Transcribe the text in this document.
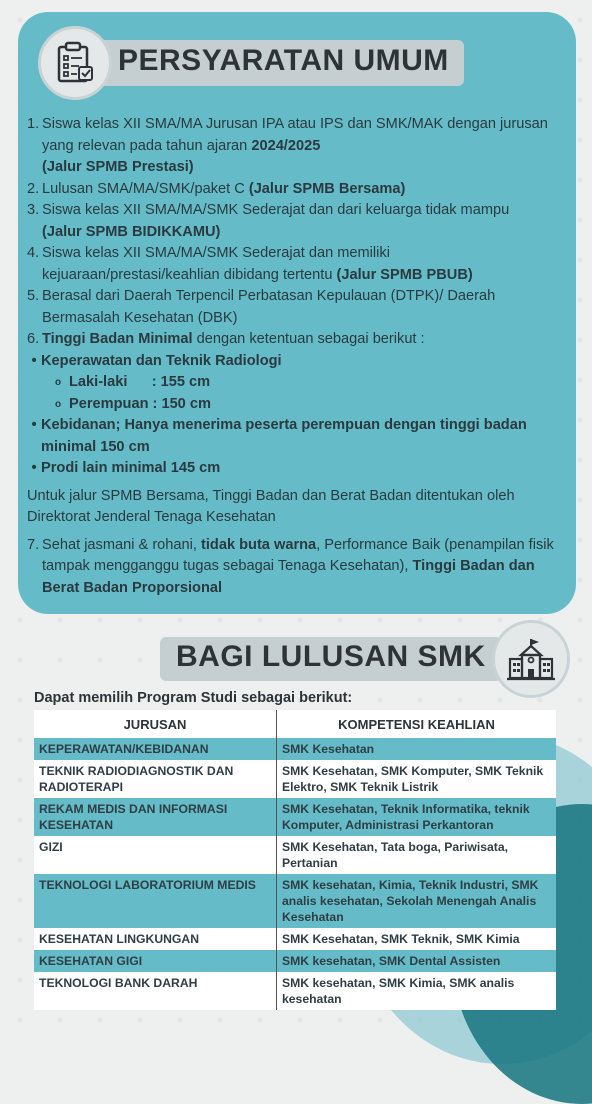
PERSYARATAN UMUM
1. Siswa kelas XII SMA/MA Jurusan IPA atau IPS dan SMK/MAK dengan jurusan yang relevan pada tahun ajaran 2024/2025
(Jalur SPMB Prestasi)
2. Lulusan SMA/MA/SMK/paket C (Jalur SPMB Bersama)
3. Siswa kelas XII SMA/MA/SMK Sederajat dan dari keluarga tidak mampu
(Jalur SPMB BIDIKKAMU)
4. Siswa kelas XII SMA/MA/SMK Sederajat dan memiliki kejuaraan/prestasi/keahlian dibidang tertentu (Jalur SPMB PBUB)
5. Berasal dari Daerah Terpencil Perbatasan Kepulauan (DTPK)/ Daerah Bermasalah Kesehatan (DBK)
6. Tinggi Badan Minimal dengan ketentuan sebagai berikut :
• Keperawatan dan Teknik Radiologi
o Laki-laki      : 155 cm
o Perempuan : 150 cm
• Kebidanan; Hanya menerima peserta perempuan dengan tinggi badan minimal 150 cm
• Prodi lain minimal 145 cm
Untuk jalur SPMB Bersama, Tinggi Badan dan Berat Badan ditentukan oleh Direktorat Jenderal Tenaga Kesehatan
7. Sehat jasmani & rohani, tidak buta warna, Performance Baik (penampilan fisik tampak mengganggu tugas sebagai Tenaga Kesehatan), Tinggi Badan dan Berat Badan Proporsional
BAGI LULUSAN SMK
Dapat memilih Program Studi sebagai berikut:
JURUSAN	KOMPETENSI KEAHLIAN
KEPERAWATAN/KEBIDANAN	SMK Kesehatan
TEKNIK RADIODIAGNOSTIK DAN RADIOTERAPI	SMK Kesehatan, SMK Komputer, SMK Teknik Elektro, SMK Teknik Listrik
REKAM MEDIS DAN INFORMASI KESEHATAN	SMK Kesehatan, Teknik Informatika, teknik Komputer, Administrasi Perkantoran
GIZI	SMK Kesehatan, Tata boga, Pariwisata, Pertanian
TEKNOLOGI LABORATORIUM MEDIS	SMK kesehatan, Kimia, Teknik Industri, SMK analis kesehatan, Sekolah Menengah Analis Kesehatan
KESEHATAN LINGKUNGAN	SMK Kesehatan, SMK Teknik, SMK Kimia
KESEHATAN GIGI	SMK kesehatan, SMK Dental Assisten
TEKNOLOGI BANK DARAH	SMK kesehatan, SMK Kimia, SMK analis kesehatan
